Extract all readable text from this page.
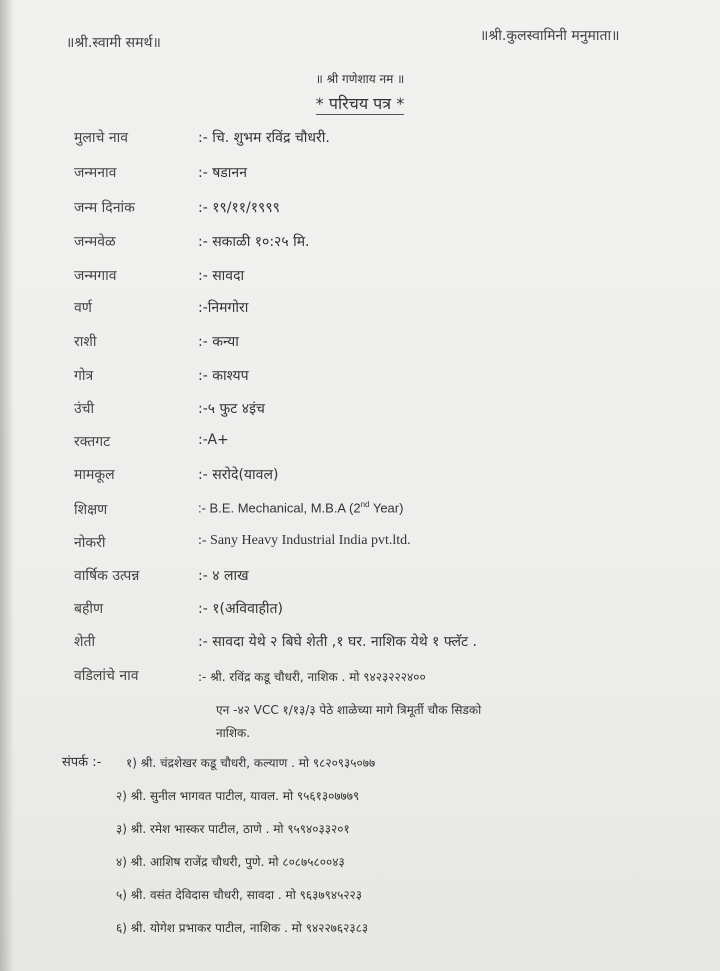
॥श्री.स्वामी समर्थ॥	॥श्री.कुलस्वामिनी मनुमाता॥
॥ श्री गणेशाय नम ॥
* परिचय पत्र *
मुलाचे नाव	:- चि. शुभम रविंद्र चौधरी.
जन्मनाव	:- षडानन
जन्म दिनांक	:- १९/११/१९९९
जन्मवेळ	:- सकाळी १०:२५ मि.
जन्मगाव	:- सावदा
वर्ण	:-निमगोरा
राशी	:- कन्या
गोत्र	:- काश्यप
उंची	:-५ फुट ४इंच
रक्तगट	:-A+
मामकूल	:- सरोदे(यावल)
शिक्षण	:- B.E. Mechanical, M.B.A (2nd Year)
नोकरी	:- Sany Heavy Industrial India pvt.ltd.
वार्षिक उत्पन्न	:- ४ लाख
बहीण	:- १(अविवाहीत)
शेती	:- सावदा येथे २ बिघे शेती ,१ घर. नाशिक येथे १ फ्लॅट .
वडिलांचे नाव	:- श्री. रविंद्र कडू चौधरी, नाशिक . मो ९४२३२२२४००
एन -४२ VCC १/१३/३ पेठे शाळेच्या मागे त्रिमूर्ती चौक सिडको
नाशिक.
संपर्क :- १) श्री. चंद्रशेखर कडू चौधरी, कल्याण . मो ९८२०९३५०७७
२) श्री. सुनील भागवत पाटील, यावल. मो ९५६१३०७७७९
३) श्री. रमेश भास्कर पाटील, ठाणे . मो ९५९४०३३२०१
४) श्री. आशिष राजेंद्र चौधरी, पुणे. मो ८०८७५८००४३
५) श्री. वसंत देविदास चौधरी, सावदा . मो ९६३७९४५२२३
६) श्री. योगेश प्रभाकर पाटील, नाशिक . मो ९४२२७६२३८३
